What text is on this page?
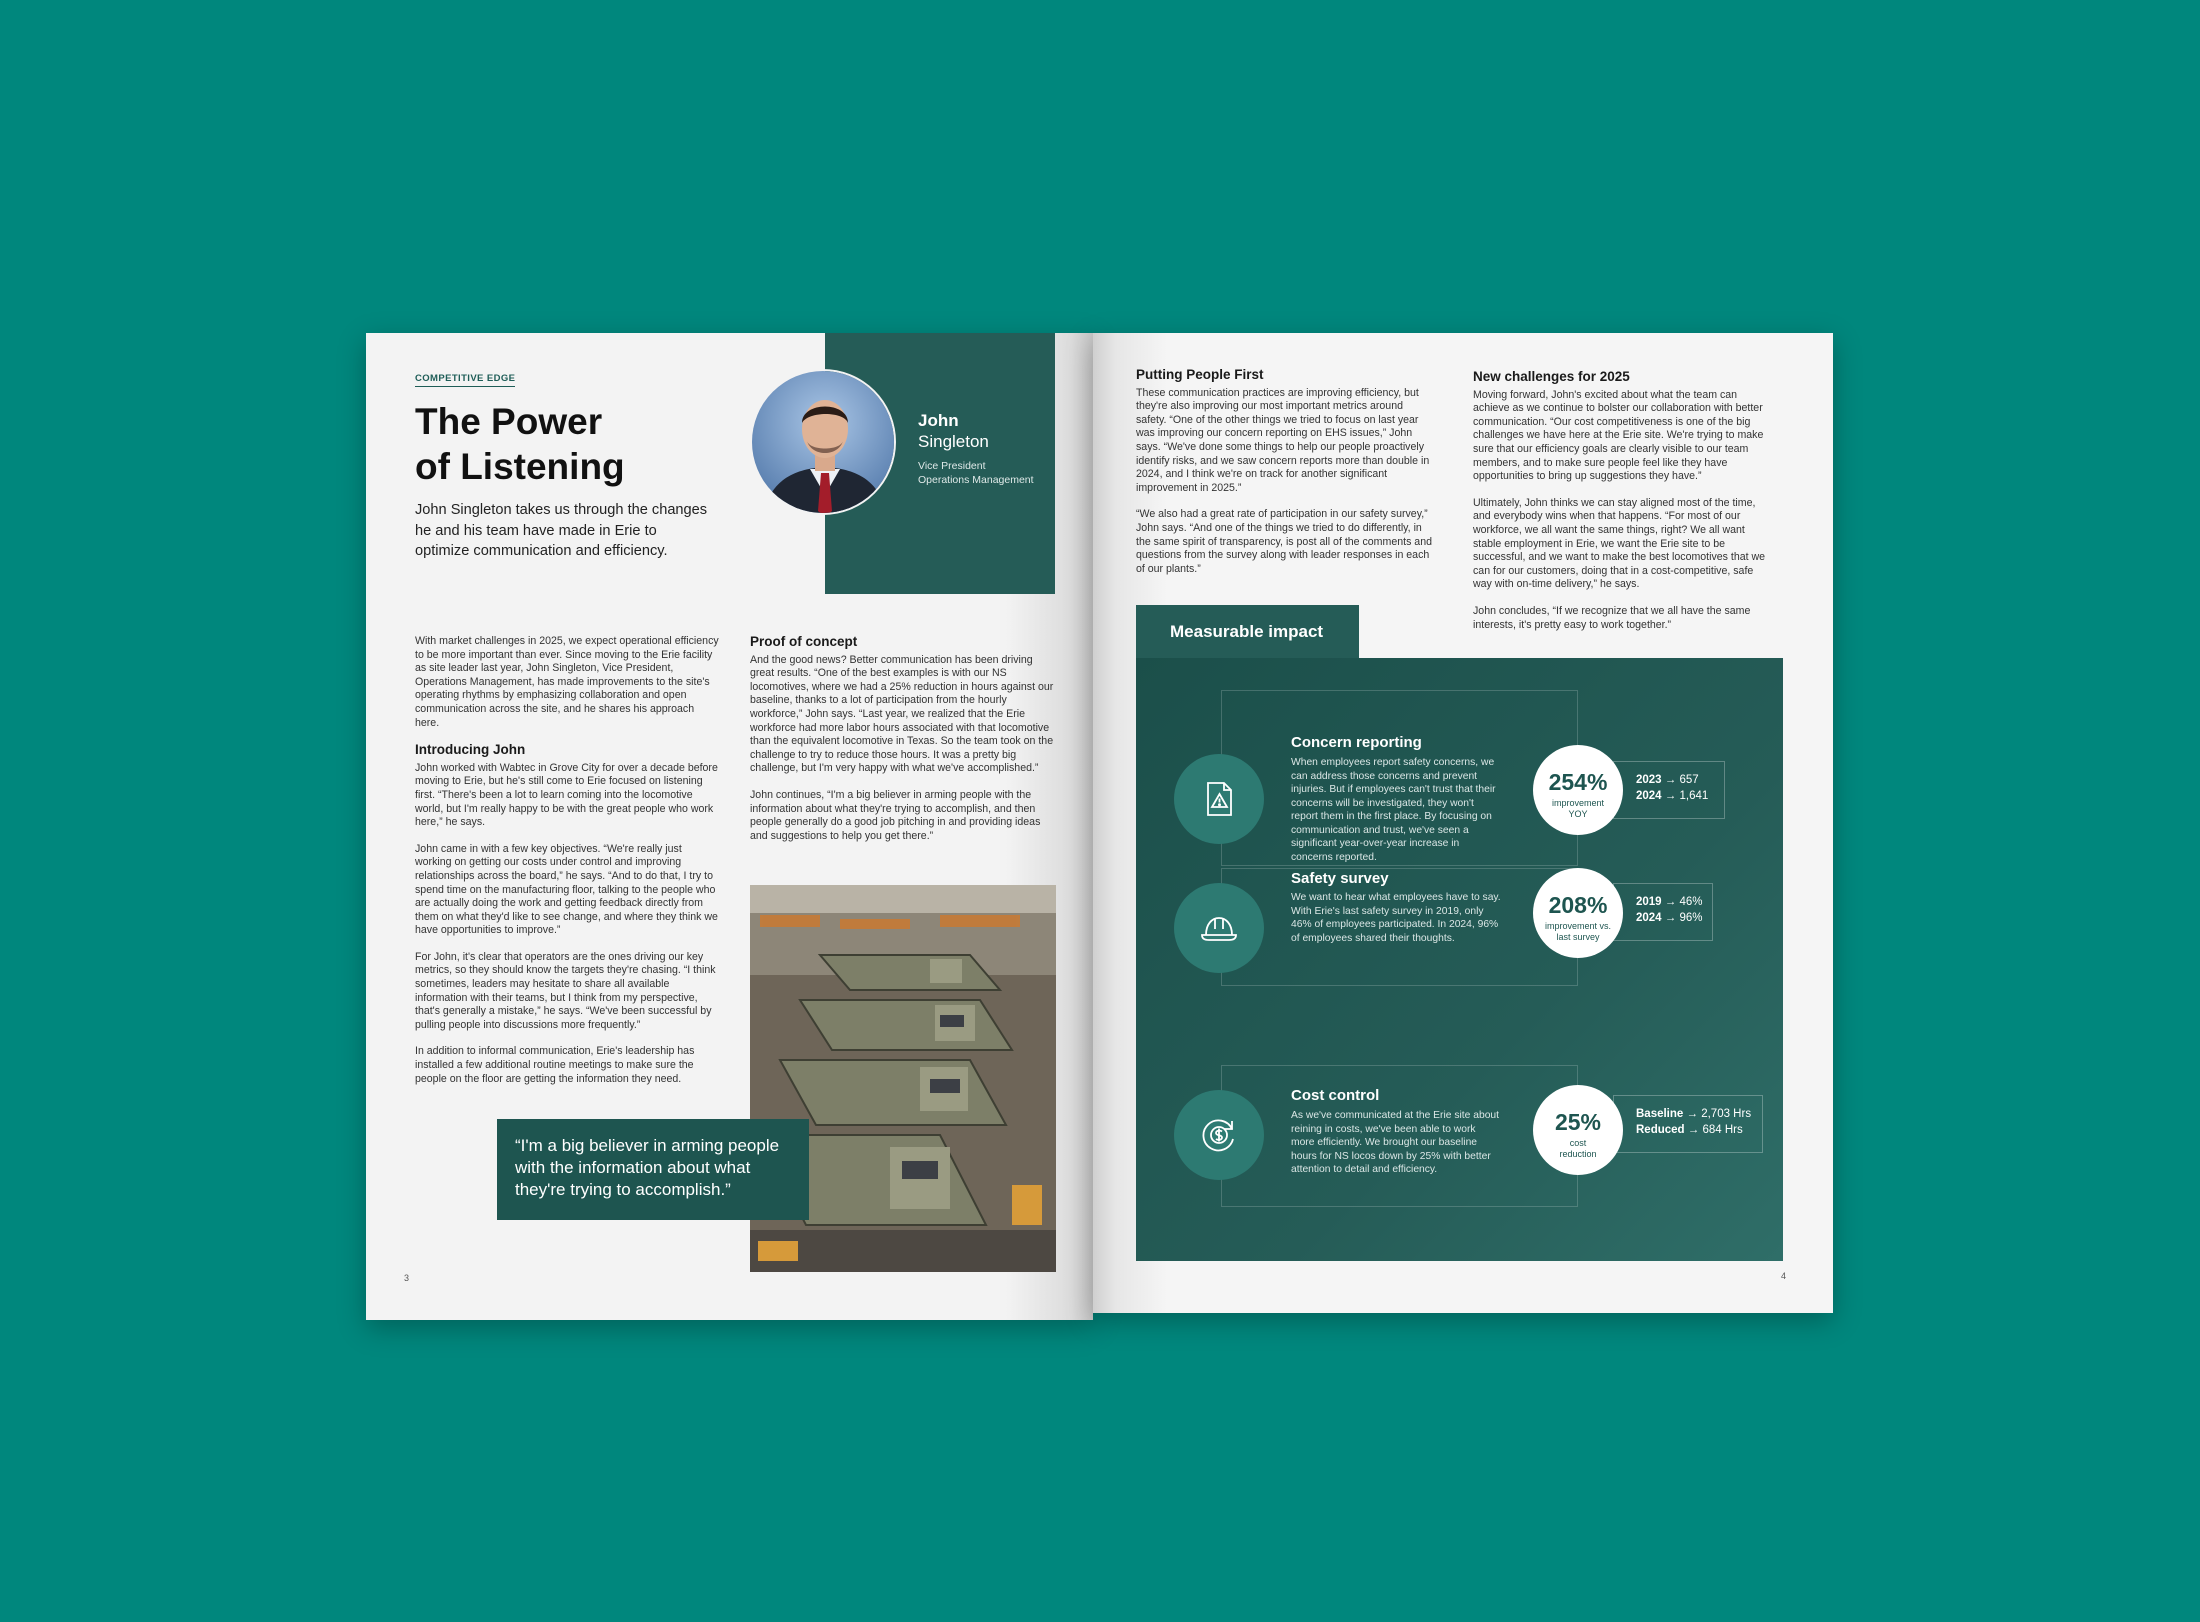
COMPETITIVE EDGE
The Power
of Listening
John Singleton takes us through the changes he and his team have made in Erie to optimize communication and efficiency.
John
Singleton
Vice President
Operations Management

With market challenges in 2025, we expect operational efficiency to be more important than ever. Since moving to the Erie facility as site leader last year, John Singleton, Vice President, Operations Management, has made improvements to the site's operating rhythms by emphasizing collaboration and open communication across the site, and he shares his approach here.

Introducing John

John worked with Wabtec in Grove City for over a decade before moving to Erie, but he's still come to Erie focused on listening first. “There's been a lot to learn coming into the locomotive world, but I'm really happy to be with the great people who work here,” he says.

John came in with a few key objectives. “We're really just working on getting our costs under control and improving relationships across the board,” he says. “And to do that, I try to spend time on the manufacturing floor, talking to the people who are actually doing the work and getting feedback directly from them on what they'd like to see change, and where they think we have opportunities to improve.”

For John, it's clear that operators are the ones driving our key metrics, so they should know the targets they're chasing. “I think sometimes, leaders may hesitate to share all available information with their teams, but I think from my perspective, that's generally a mistake,” he says. “We've been successful by pulling people into discussions more frequently.”

In addition to informal communication, Erie's leadership has installed a few additional routine meetings to make sure the people on the floor are getting the information they need.

Proof of concept

And the good news? Better communication has been driving great results. “One of the best examples is with our NS locomotives, where we had a 25% reduction in hours against our baseline, thanks to a lot of participation from the hourly workforce,” John says. “Last year, we realized that the Erie workforce had more labor hours associated with that locomotive than the equivalent locomotive in Texas. So the team took on the challenge to try to reduce those hours. It was a pretty big challenge, but I'm very happy with what we've accomplished.”

John continues, “I'm a big believer in arming people with the information about what they're trying to accomplish, and then people generally do a good job pitching in and providing ideas and suggestions to help you get there.”

“I'm a big believer in arming people with the information about what they're trying to accomplish.”
3
Putting People First

These communication practices are improving efficiency, but they're also improving our most important metrics around safety. “One of the other things we tried to focus on last year was improving our concern reporting on EHS issues,” John says. “We've done some things to help our people proactively identify risks, and we saw concern reports more than double in 2024, and I think we're on track for another significant improvement in 2025.”

“We also had a great rate of participation in our safety survey,” John says. “And one of the things we tried to do differently, in the same spirit of transparency, is post all of the comments and questions from the survey along with leader responses in each of our plants.”

New challenges for 2025

Moving forward, John's excited about what the team can achieve as we continue to bolster our collaboration with better communication. “Our cost competitiveness is one of the big challenges we have here at the Erie site. We're trying to make sure that our efficiency goals are clearly visible to our team members, and to make sure people feel like they have opportunities to bring up suggestions they have.”

Ultimately, John thinks we can stay aligned most of the time, and everybody wins when that happens. “For most of our workforce, we all want the same things, right? We all want stable employment in Erie, we want the Erie site to be successful, and we want to make the best locomotives that we can for our customers, doing that in a cost-competitive, safe way with on-time delivery,” he says.

John concludes, “If we recognize that we all have the same interests, it's pretty easy to work together.”

Measurable impact
Concern reporting
When employees report safety concerns, we can address those concerns and prevent injuries. But if employees can't trust that their concerns will be investigated, they won't report them in the first place. By focusing on communication and trust, we've seen a significant year-over-year increase in concerns reported.
2023 → 657
2024 → 1,641
254%
improvement YOY
Safety survey
We want to hear what employees have to say. With Erie's last safety survey in 2019, only 46% of employees participated. In 2024, 96% of employees shared their thoughts.
2019 → 46%
2024 → 96%
208%
improvement vs. last survey
Cost control
As we've communicated at the Erie site about reining in costs, we've been able to work more efficiently. We brought our baseline hours for NS locos down by 25% with better attention to detail and efficiency.
Baseline → 2,703 Hrs
Reduced → 684 Hrs
25%
cost reduction
4
